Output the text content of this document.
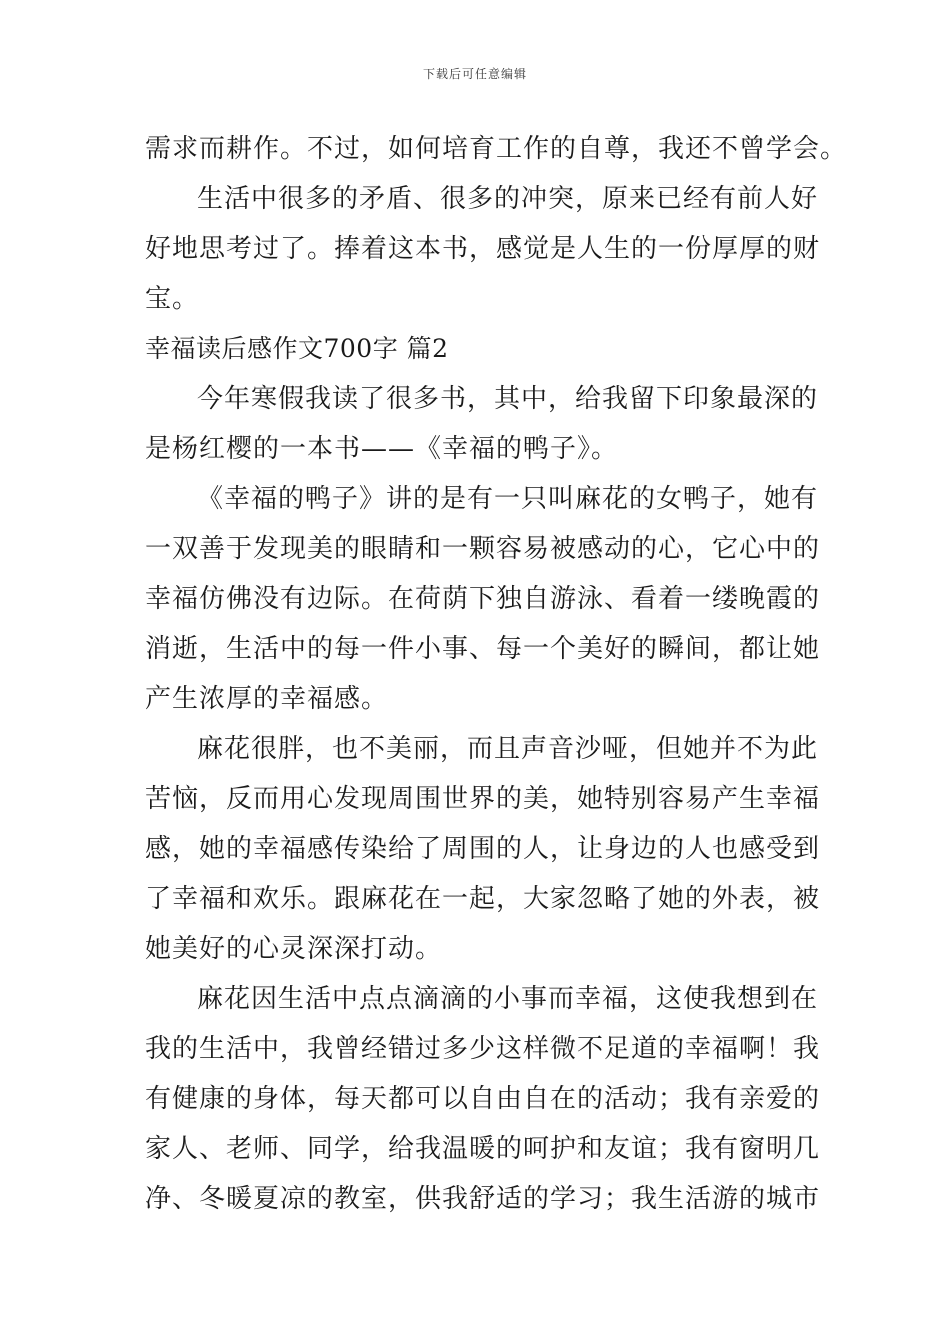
下载后可任意编辑
需求而耕作。不过，如何培育工作的自尊，我还不曾学会。
生活中很多的矛盾、很多的冲突，原来已经有前人好
好地思考过了。捧着这本书，感觉是人生的一份厚厚的财
宝。
幸福读后感作文700字 篇2
今年寒假我读了很多书，其中，给我留下印象最深的
是杨红樱的一本书——《幸福的鸭子》。
《幸福的鸭子》讲的是有一只叫麻花的女鸭子，她有
一双善于发现美的眼睛和一颗容易被感动的心，它心中的
幸福仿佛没有边际。在荷荫下独自游泳、看着一缕晚霞的
消逝，生活中的每一件小事、每一个美好的瞬间，都让她
产生浓厚的幸福感。
麻花很胖，也不美丽，而且声音沙哑，但她并不为此
苦恼，反而用心发现周围世界的美，她特别容易产生幸福
感，她的幸福感传染给了周围的人，让身边的人也感受到
了幸福和欢乐。跟麻花在一起，大家忽略了她的外表，被
她美好的心灵深深打动。
麻花因生活中点点滴滴的小事而幸福，这使我想到在
我的生活中，我曾经错过多少这样微不足道的幸福啊！我
有健康的身体，每天都可以自由自在的活动；我有亲爱的
家人、老师、同学，给我温暖的呵护和友谊；我有窗明几
净、冬暖夏凉的教室，供我舒适的学习；我生活游的城市
